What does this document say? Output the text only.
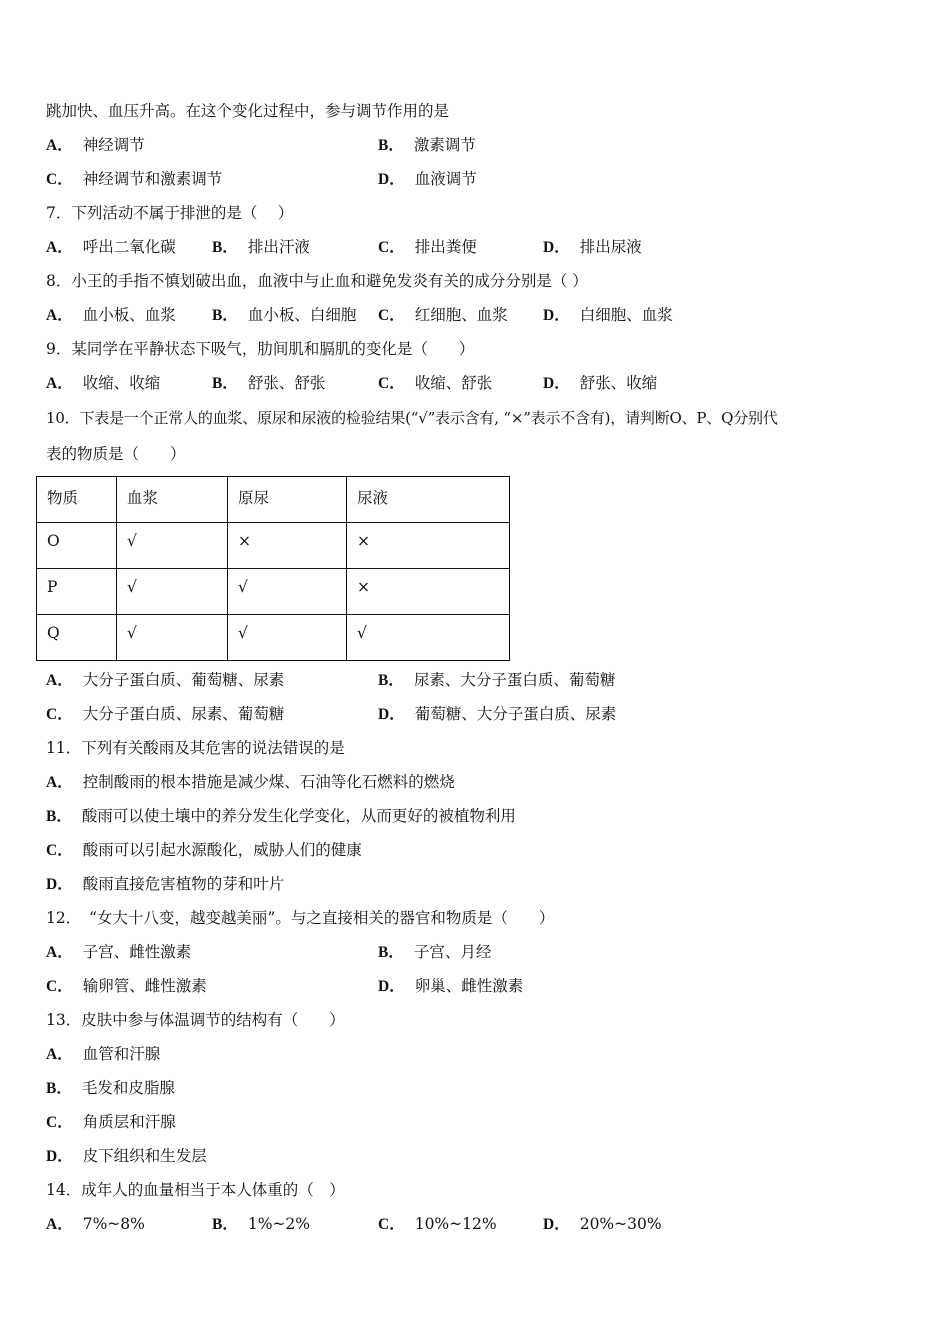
跳加快、血压升高。在这个变化过程中，参与调节作用的是
A． 神经调节	B． 激素调节
C． 神经调节和激素调节	D． 血液调节
7．下列活动不属于排泄的是（　 ）
A． 呼出二氧化碳 B． 排出汗液	C． 排出粪便	D． 排出尿液
8．小王的手指不慎划破出血，血液中与止血和避免发炎有关的成分分别是（ ）
A． 血小板、血浆 B． 血小板、白细胞 C． 红细胞、血浆 D． 白细胞、血浆
9．某同学在平静状态下吸气，肋间肌和膈肌的变化是（　　）
A． 收缩、收缩	B． 舒张、舒张	C． 收缩、舒张	D． 舒张、收缩
10．下表是一个正常人的血浆、原尿和尿液的检验结果(“√”表示含有, “×”表示不含有)，请判断O、P、Q分别代
表的物质是（　　）
物质	血浆	原尿	尿液
O	√	×	×
P	√	√	×
Q	√	√	√
A． 大分子蛋白质、葡萄糖、尿素	B． 尿素、大分子蛋白质、葡萄糖
C． 大分子蛋白质、尿素、葡萄糖	D． 葡萄糖、大分子蛋白质、尿素
11．下列有关酸雨及其危害的说法错误的是
A． 控制酸雨的根本措施是减少煤、石油等化石燃料的燃烧
B． 酸雨可以使土壤中的养分发生化学变化，从而更好的被植物利用
C． 酸雨可以引起水源酸化，威胁人们的健康
D． 酸雨直接危害植物的芽和叶片
12．　“女大十八变，越变越美丽”。与之直接相关的器官和物质是（　　）
A． 子宫、雌性激素	B． 子宫、月经
C． 输卵管、雌性激素	D． 卵巢、雌性激素
13．皮肤中参与体温调节的结构有（　　）
A． 血管和汗腺
B． 毛发和皮脂腺
C． 角质层和汗腺
D． 皮下组织和生发层
14．成年人的血量相当于本人体重的（　）
A． 7%~8%	B． 1%~2%	C． 10%~12%	D． 20%~30%
